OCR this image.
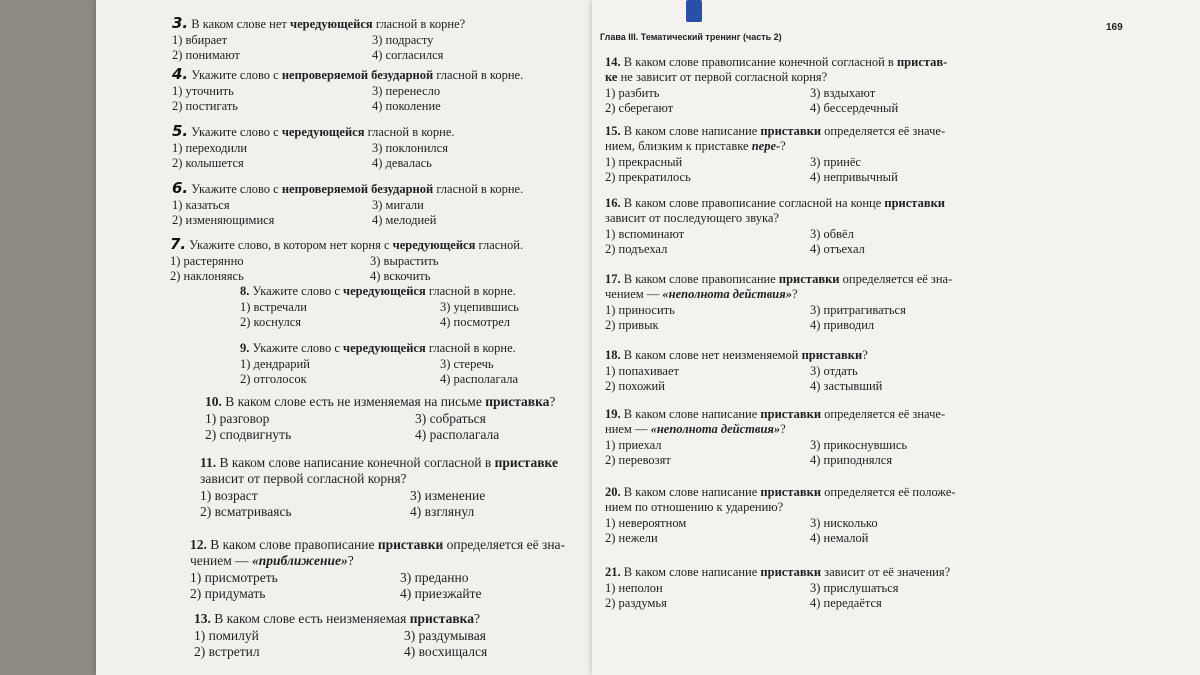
Глава III. Тематический тренинг (часть 2)
169
3. В каком слове нет чередующейся гласной в корне?
1) вбирает	3) подрасту
2) понимают	4) согласился
4. Укажите слово с непроверяемой безударной гласной в корне.
1) уточнить	3) перенесло
2) постигать	4) поколение
5. Укажите слово с чередующейся гласной в корне.
1) переходили	3) поклонился
2) колышется	4) девалась
6. Укажите слово с непроверяемой безударной гласной в корне.
1) казаться	3) мигали
2) изменяющимися	4) мелодией
7. Укажите слово, в котором нет корня с чередующейся гласной.
1) растерянно	3) вырастить
2) наклоняясь	4) вскочить
8. Укажите слово с чередующейся гласной в корне.
1) встречали	3) уцепившись
2) коснулся	4) посмотрел
9. Укажите слово с чередующейся гласной в корне.
1) дендрарий	3) стеречь
2) отголосок	4) располагала
10. В каком слове есть не изменяемая на письме приставка?
1) разговор	3) собраться
2) сподвигнуть	4) располагала
11. В каком слове написание конечной согласной в приставке
зависит от первой согласной корня?
1) возраст	3) изменение
2) всматриваясь	4) взглянул
12. В каком слове правописание приставки определяется её зна-
чением — «приближение»?
1) присмотреть	3) преданно
2) придумать	4) приезжайте
13. В каком слове есть неизменяемая приставка?
1) помилуй	3) раздумывая
2) встретил	4) восхищался
14. В каком слове правописание конечной согласной в пристав-
ке не зависит от первой согласной корня?
1) разбить	3) вздыхают
2) сберегают	4) бессердечный
15. В каком слове написание приставки определяется её значе-
нием, близким к приставке пере-?
1) прекрасный	3) принёс
2) прекратилось	4) непривычный
16. В каком слове правописание согласной на конце приставки
зависит от последующего звука?
1) вспоминают	3) обвёл
2) подъехал	4) отъехал
17. В каком слове правописание приставки определяется её зна-
чением — «неполнота действия»?
1) приносить	3) притрагиваться
2) привык	4) приводил
18. В каком слове нет неизменяемой приставки?
1) попахивает	3) отдать
2) похожий	4) застывший
19. В каком слове написание приставки определяется её значе-
нием — «неполнота действия»?
1) приехал	3) прикоснувшись
2) перевозят	4) приподнялся
20. В каком слове написание приставки определяется её положе-
нием по отношению к ударению?
1) невероятном	3) нисколько
2) нежели	4) немалой
21. В каком слове написание приставки зависит от её значения?
1) неполон	3) прислушаться
2) раздумья	4) передаётся
